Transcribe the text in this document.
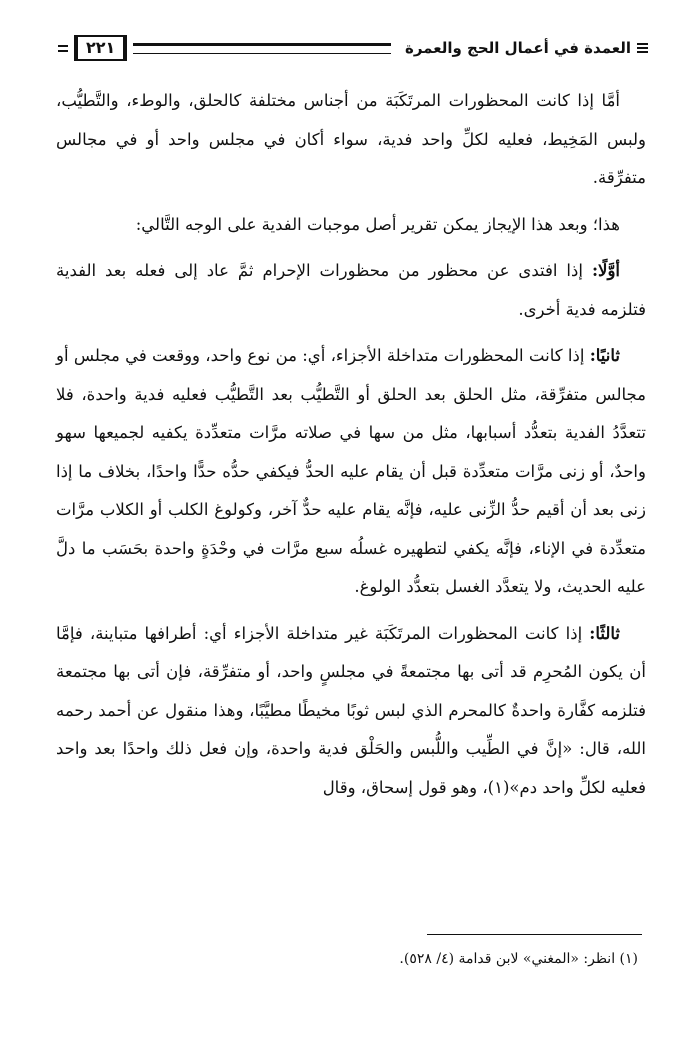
العمدة في أعمال الحج والعمرة
٢٢١

أمَّا إذا كانت المحظورات المرتَكَبَة من أجناس مختلفة كالحلق، والوطء، والتَّطيُّب، ولبس المَخِيط، فعليه لكلِّ واحد فدية، سواء أكان في مجلس واحد أو في مجالس متفرِّقة.

هذا؛ وبعد هذا الإيجاز يمكن تقرير أصل موجبات الفدية على الوجه التَّالي:

أوَّلًا: إذا افتدى عن محظور من محظورات الإحرام ثمَّ عاد إلى فعله بعد الفدية فتلزمه فدية أخرى.

ثانيًا: إذا كانت المحظورات متداخلة الأجزاء، أي: من نوع واحد، ووقعت في مجلس أو مجالس متفرِّقة، مثل الحلق بعد الحلق أو التَّطيُّب بعد التَّطيُّب فعليه فدية واحدة، فلا تتعدَّدُ الفدية بتعدُّد أسبابها، مثل من سها في صلاته مرَّات متعدِّدة يكفيه لجميعها سهو واحدٌ، أو زنى مرَّات متعدِّدة قبل أن يقام عليه الحدُّ فيكفي حدُّه حدًّا واحدًا، بخلاف ما إذا زنى بعد أن أقيم حدُّ الزِّنى عليه، فإنَّه يقام عليه حدٌّ آخر، وكولوغ الكلب أو الكلاب مرَّات متعدِّدة في الإناء، فإنَّه يكفي لتطهيره غسلُه سبع مرَّات في وحْدَةٍ واحدة بحَسَب ما دلَّ عليه الحديث، ولا يتعدَّد الغسل بتعدُّد الولوغ.

ثالثًا: إذا كانت المحظورات المرتَكَبَة غير متداخلة الأجزاء أي: أطرافها متباينة، فإمَّا أن يكون المُحرِم قد أتى بها مجتمعةً في مجلسٍ واحد، أو متفرِّقة، فإن أتى بها مجتمعة فتلزمه كفَّارة واحدةٌ كالمحرم الذي لبس ثوبًا مخيطًا مطيَّبًا، وهذا منقول عن أحمد رحمه الله، قال: «إنَّ في الطِّيب واللُّبس والحَلْق فدية واحدة، وإن فعل ذلك واحدًا بعد واحد فعليه لكلِّ واحد دم»(١)، وهو قول إسحاق، وقال

(١) انظر: «المغني» لابن قدامة (٤/ ٥٢٨).
